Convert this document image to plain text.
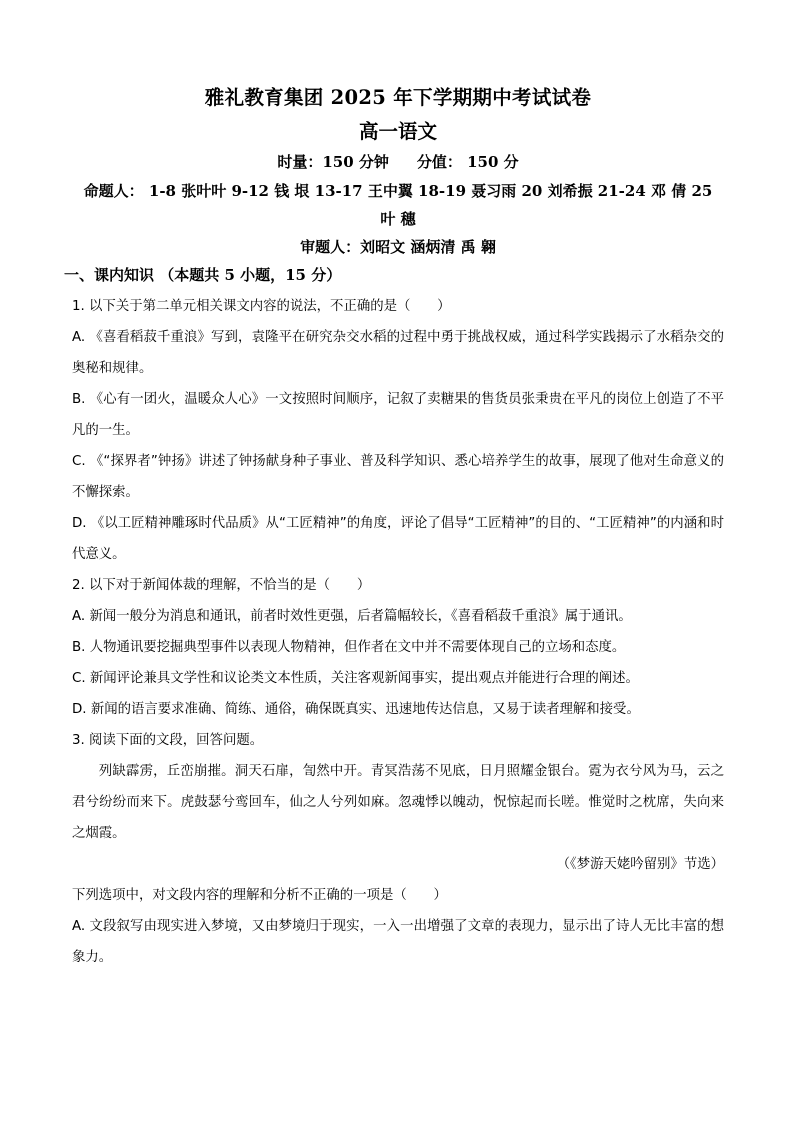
雅礼教育集团 2025 年下学期期中考试试卷
高一语文

时量：150 分钟 分值： 150 分

命题人： 1-8 张叶叶 9-12 钱 垠 13-17 王中翼 18-19 聂习雨 20 刘希振 21-24 邓 倩 25 叶 穗

审题人：刘昭文 涵炳清 禹 翱

一、课内知识 （本题共 5 小题，15 分）

1. 以下关于第二单元相关课文内容的说法，不正确的是（　　）

A. 《喜看稻菽千重浪》写到，袁隆平在研究杂交水稻的过程中勇于挑战权威，通过科学实践揭示了水稻杂交的奥秘和规律。

B. 《心有一团火，温暖众人心》一文按照时间顺序，记叙了卖糖果的售货员张秉贵在平凡的岗位上创造了不平凡的一生。

C. 《“探界者”钟扬》讲述了钟扬献身种子事业、普及科学知识、悉心培养学生的故事，展现了他对生命意义的不懈探索。

D. 《以工匠精神雕琢时代品质》从“工匠精神”的角度，评论了倡导“工匠精神”的目的、“工匠精神”的内涵和时代意义。

2. 以下对于新闻体裁的理解，不恰当的是（　　）

A. 新闻一般分为消息和通讯，前者时效性更强，后者篇幅较长，《喜看稻菽千重浪》属于通讯。

B. 人物通讯要挖掘典型事件以表现人物精神，但作者在文中并不需要体现自己的立场和态度。

C. 新闻评论兼具文学性和议论类文本性质，关注客观新闻事实，提出观点并能进行合理的阐述。

D. 新闻的语言要求准确、简练、通俗，确保既真实、迅速地传达信息，又易于读者理解和接受。

3. 阅读下面的文段，回答问题。

列缺霹雳，丘峦崩摧。洞天石扉，訇然中开。青冥浩荡不见底，日月照耀金银台。霓为衣兮风为马，云之君兮纷纷而来下。虎鼓瑟兮鸾回车，仙之人兮列如麻。忽魂悸以魄动，怳惊起而长嗟。惟觉时之枕席，失向来之烟霞。

（《梦游天姥吟留别》节选）

下列选项中，对文段内容的理解和分析不正确的一项是（　　）

A. 文段叙写由现实进入梦境，又由梦境归于现实，一入一出增强了文章的表现力，显示出了诗人无比丰富的想象力。
